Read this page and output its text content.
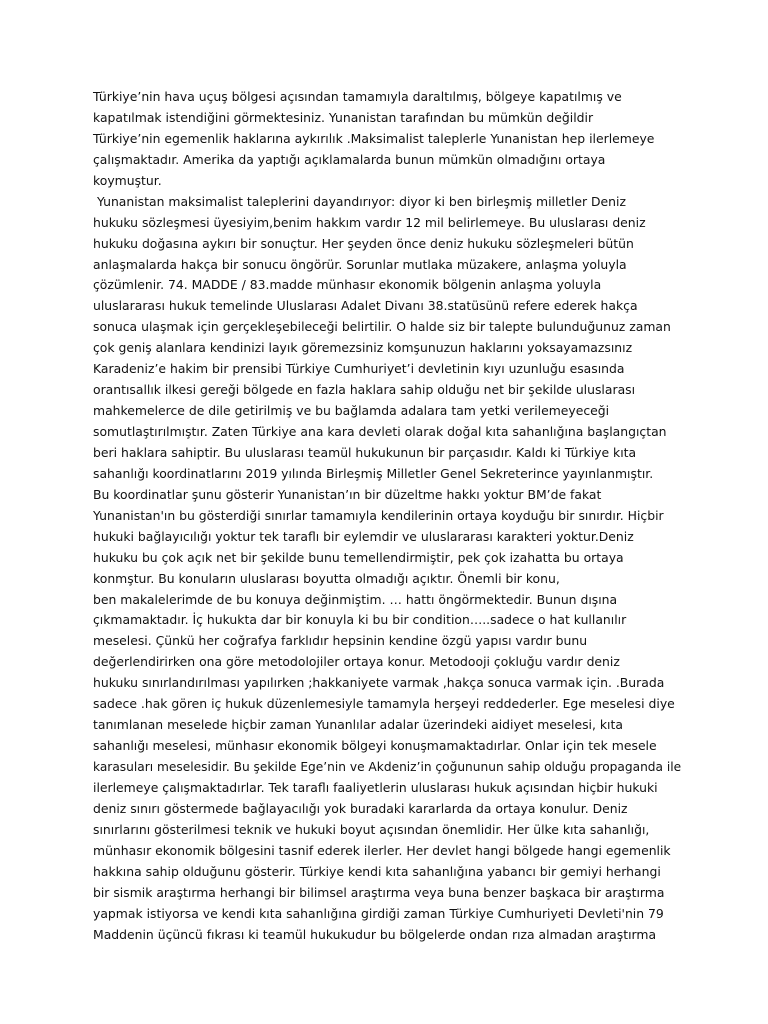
Türkiye’nin hava uçuş bölgesi açısından tamamıyla daraltılmış, bölgeye kapatılmış ve
kapatılmak istendiğini görmektesiniz. Yunanistan tarafından bu mümkün değildir
Türkiye’nin egemenlik haklarına aykırılık .Maksimalist taleplerle Yunanistan hep ilerlemeye
çalışmaktadır. Amerika da yaptığı açıklamalarda bunun mümkün olmadığını ortaya
koymuştur.
Yunanistan maksimalist taleplerini dayandırıyor: diyor ki ben birleşmiş milletler Deniz
hukuku sözleşmesi üyesiyim,benim hakkım vardır 12 mil belirlemeye. Bu uluslarası deniz
hukuku doğasına aykırı bir sonuçtur. Her şeyden önce deniz hukuku sözleşmeleri bütün
anlaşmalarda hakça bir sonucu öngörür. Sorunlar mutlaka müzakere, anlaşma yoluyla
çözümlenir. 74. MADDE / 83.madde münhasır ekonomik bölgenin anlaşma yoluyla
uluslararası hukuk temelinde Uluslarası Adalet Divanı 38.statüsünü refere ederek hakça
sonuca ulaşmak için gerçekleşebileceği belirtilir. O halde siz bir talepte bulunduğunuz zaman
çok geniş alanlara kendinizi layık göremezsiniz komşunuzun haklarını yoksayamazsınız
Karadeniz’e hakim bir prensibi Türkiye Cumhuriyet’i devletinin kıyı uzunluğu esasında
orantısallık ilkesi gereği bölgede en fazla haklara sahip olduğu net bir şekilde uluslarası
mahkemelerce de dile getirilmiş ve bu bağlamda adalara tam yetki verilemeyeceği
somutlaştırılmıştır. Zaten Türkiye ana kara devleti olarak doğal kıta sahanlığına başlangıçtan
beri haklara sahiptir. Bu uluslarası teamül hukukunun bir parçasıdır. Kaldı ki Türkiye kıta
sahanlığı koordinatlarını 2019 yılında Birleşmiş Milletler Genel Sekreterince yayınlanmıştır.
Bu koordinatlar şunu gösterir Yunanistan’ın bir düzeltme hakkı yoktur BM’de fakat
Yunanistan'ın bu gösterdiği sınırlar tamamıyla kendilerinin ortaya koyduğu bir sınırdır. Hiçbir
hukuki bağlayıcılığı yoktur tek taraflı bir eylemdir ve uluslararası karakteri yoktur.Deniz
hukuku bu çok açık net bir şekilde bunu temellendirmiştir, pek çok izahatta bu ortaya
konmştur. Bu konuların uluslarası boyutta olmadığı açıktır. Önemli bir konu,
ben makalelerimde de bu konuya değinmiştim. … hattı öngörmektedir. Bunun dışına
çıkmamaktadır. İç hukukta dar bir konuyla ki bu bir condition…..sadece o hat kullanılır
meselesi. Çünkü her coğrafya farklıdır hepsinin kendine özgü yapısı vardır bunu
değerlendirirken ona göre metodolojiler ortaya konur. Metodooji çokluğu vardır deniz
hukuku sınırlandırılması yapılırken ;hakkaniyete varmak ,hakça sonuca varmak için. .Burada
sadece .hak gören iç hukuk düzenlemesiyle tamamyla herşeyi reddederler. Ege meselesi diye
tanımlanan meselede hiçbir zaman Yunanlılar adalar üzerindeki aidiyet meselesi, kıta
sahanlığı meselesi, münhasır ekonomik bölgeyi konuşmamaktadırlar. Onlar için tek mesele
karasuları meselesidir. Bu şekilde Ege’nin ve Akdeniz’in çoğununun sahip olduğu propaganda ile
ilerlemeye çalışmaktadırlar. Tek taraflı faaliyetlerin uluslarası hukuk açısından hiçbir hukuki
deniz sınırı göstermede bağlayacılığı yok buradaki kararlarda da ortaya konulur. Deniz
sınırlarını gösterilmesi teknik ve hukuki boyut açısından önemlidir. Her ülke kıta sahanlığı,
münhasır ekonomik bölgesini tasnif ederek ilerler. Her devlet hangi bölgede hangi egemenlik
hakkına sahip olduğunu gösterir. Türkiye kendi kıta sahanlığına yabancı bir gemiyi herhangi
bir sismik araştırma herhangi bir bilimsel araştırma veya buna benzer başkaca bir araştırma
yapmak istiyorsa ve kendi kıta sahanlığına girdiği zaman Türkiye Cumhuriyeti Devleti'nin 79
Maddenin üçüncü fıkrası ki teamül hukukudur bu bölgelerde ondan rıza almadan araştırma
